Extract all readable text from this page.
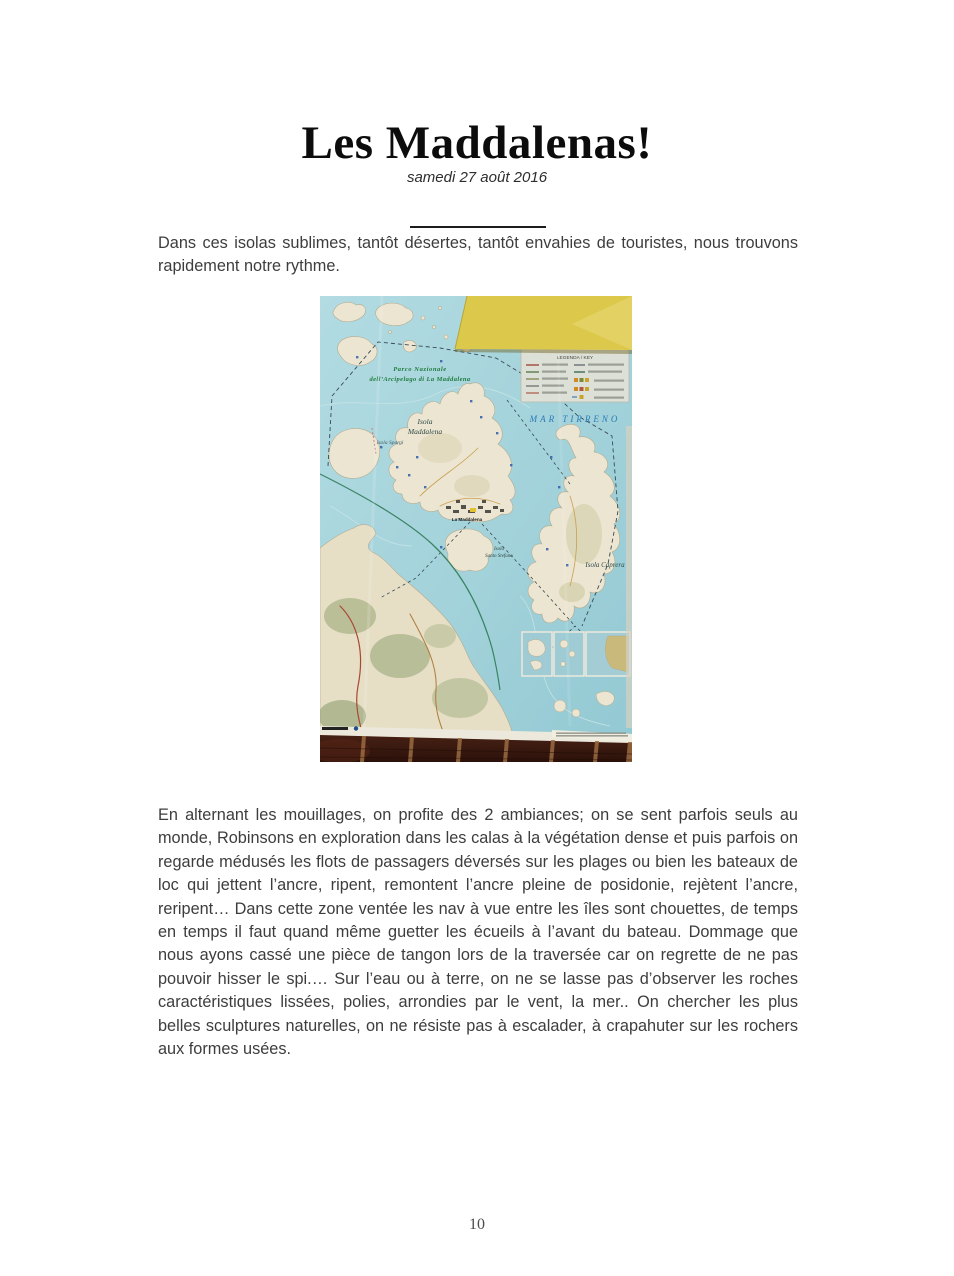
Les Maddalenas!
samedi 27 août 2016

Dans ces isolas sublimes, tantôt désertes, tantôt envahies de touristes, nous trouvons rapidement notre rythme.

LEGENDA / KEY
Parco Nazionale
dell’Arcipelago di La Maddalena
MAR TIRRENO
Isola
Maddalena
Isola Spargi
Isola
Santo Stefano
Isola Caprera
La Maddalena

En alternant les mouillages, on profite des 2 ambiances; on se sent parfois seuls au monde, Robinsons en exploration dans les calas à la végétation dense et puis parfois on regarde médusés les flots de passagers déversés sur les plages ou bien les bateaux de loc qui jettent l’ancre, ripent, remontent l’ancre pleine de posidonie, rejètent l’ancre, reripent… Dans cette zone ventée les nav à vue entre les îles sont chouettes, de temps en temps il faut quand même guetter les écueils à l’avant du bateau. Dommage que nous ayons cassé une pièce de tangon lors de la traversée car on regrette de ne pas pouvoir hisser le spi.… Sur l’eau ou à terre, on ne se lasse pas d’observer les roches caractéristiques lissées, polies, arrondies par le vent, la mer.. On chercher les plus belles sculptures naturelles, on ne résiste pas à escalader, à crapahuter sur les rochers aux formes usées.

10
